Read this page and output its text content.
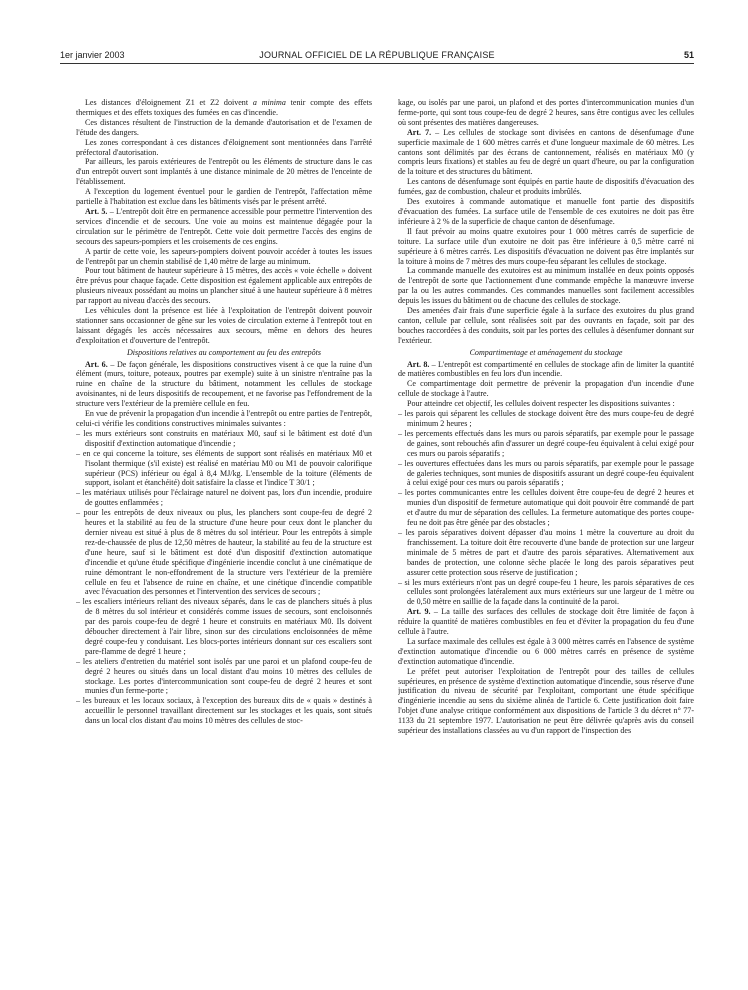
1er janvier 2003	JOURNAL OFFICIEL DE LA RÉPUBLIQUE FRANÇAISE	51

Les distances d'éloignement Z1 et Z2 doivent a minima tenir compte des effets thermiques et des effets toxiques des fumées en cas d'incendie.

Ces distances résultent de l'instruction de la demande d'autorisation et de l'examen de l'étude des dangers.

Les zones correspondant à ces distances d'éloignement sont mentionnées dans l'arrêté préfectoral d'autorisation.

Par ailleurs, les parois extérieures de l'entrepôt ou les éléments de structure dans le cas d'un entrepôt ouvert sont implantés à une distance minimale de 20 mètres de l'enceinte de l'établissement.

A l'exception du logement éventuel pour le gardien de l'entrepôt, l'affectation même partielle à l'habitation est exclue dans les bâtiments visés par le présent arrêté.

Art. 5. – L'entrepôt doit être en permanence accessible pour permettre l'intervention des services d'incendie et de secours. Une voie au moins est maintenue dégagée pour la circulation sur le périmètre de l'entrepôt. Cette voie doit permettre l'accès des engins de secours des sapeurs-pompiers et les croisements de ces engins.

A partir de cette voie, les sapeurs-pompiers doivent pouvoir accéder à toutes les issues de l'entrepôt par un chemin stabilisé de 1,40 mètre de large au minimum.

Pour tout bâtiment de hauteur supérieure à 15 mètres, des accès « voie échelle » doivent être prévus pour chaque façade. Cette disposition est également applicable aux entrepôts de plusieurs niveaux possédant au moins un plancher situé à une hauteur supérieure à 8 mètres par rapport au niveau d'accès des secours.

Les véhicules dont la présence est liée à l'exploitation de l'entrepôt doivent pouvoir stationner sans occasionner de gêne sur les voies de circulation externe à l'entrepôt tout en laissant dégagés les accès nécessaires aux secours, même en dehors des heures d'exploitation et d'ouverture de l'entrepôt.

Dispositions relatives au comportement au feu des entrepôts

Art. 6. – De façon générale, les dispositions constructives visent à ce que la ruine d'un élément (murs, toiture, poteaux, poutres par exemple) suite à un sinistre n'entraîne pas la ruine en chaîne de la structure du bâtiment, notamment les cellules de stockage avoisinantes, ni de leurs dispositifs de recoupement, et ne favorise pas l'effondrement de la structure vers l'extérieur de la première cellule en feu.

En vue de prévenir la propagation d'un incendie à l'entrepôt ou entre parties de l'entrepôt, celui-ci vérifie les conditions constructives minimales suivantes :

– les murs extérieurs sont construits en matériaux M0, sauf si le bâtiment est doté d'un dispositif d'extinction automatique d'incendie ;
– en ce qui concerne la toiture, ses éléments de support sont réalisés en matériaux M0 et l'isolant thermique (s'il existe) est réalisé en matériau M0 ou M1 de pouvoir calorifique supérieur (PCS) inférieur ou égal à 8,4 MJ/kg. L'ensemble de la toiture (éléments de support, isolant et étanchéité) doit satisfaire la classe et l'indice T 30/1 ;
– les matériaux utilisés pour l'éclairage naturel ne doivent pas, lors d'un incendie, produire de gouttes enflammées ;
– pour les entrepôts de deux niveaux ou plus, les planchers sont coupe-feu de degré 2 heures et la stabilité au feu de la structure d'une heure pour ceux dont le plancher du dernier niveau est situé à plus de 8 mètres du sol intérieur. Pour les entrepôts à simple rez-de-chaussée de plus de 12,50 mètres de hauteur, la stabilité au feu de la structure est d'une heure, sauf si le bâtiment est doté d'un dispositif d'extinction automatique d'incendie et qu'une étude spécifique d'ingénierie incendie conclut à une cinématique de ruine démontrant le non-effondrement de la structure vers l'extérieur de la première cellule en feu et l'absence de ruine en chaîne, et une cinétique d'incendie compatible avec l'évacuation des personnes et l'intervention des services de secours ;
– les escaliers intérieurs reliant des niveaux séparés, dans le cas de planchers situés à plus de 8 mètres du sol intérieur et considérés comme issues de secours, sont encloisonnés par des parois coupe-feu de degré 1 heure et construits en matériaux M0. Ils doivent déboucher directement à l'air libre, sinon sur des circulations encloisonnées de même degré coupe-feu y conduisant. Les blocs-portes intérieurs donnant sur ces escaliers sont pare-flamme de degré 1 heure ;
– les ateliers d'entretien du matériel sont isolés par une paroi et un plafond coupe-feu de degré 2 heures ou situés dans un local distant d'au moins 10 mètres des cellules de stockage. Les portes d'intercommunication sont coupe-feu de degré 2 heures et sont munies d'un ferme-porte ;
– les bureaux et les locaux sociaux, à l'exception des bureaux dits de « quais » destinés à accueillir le personnel travaillant directement sur les stockages et les quais, sont situés dans un local clos distant d'au moins 10 mètres des cellules de stoc-

kage, ou isolés par une paroi, un plafond et des portes d'intercommunication munies d'un ferme-porte, qui sont tous coupe-feu de degré 2 heures, sans être contigus avec les cellules où sont présentes des matières dangereuses.

Art. 7. – Les cellules de stockage sont divisées en cantons de désenfumage d'une superficie maximale de 1 600 mètres carrés et d'une longueur maximale de 60 mètres. Les cantons sont délimités par des écrans de cantonnement, réalisés en matériaux M0 (y compris leurs fixations) et stables au feu de degré un quart d'heure, ou par la configuration de la toiture et des structures du bâtiment.

Les cantons de désenfumage sont équipés en partie haute de dispositifs d'évacuation des fumées, gaz de combustion, chaleur et produits imbrûlés.

Des exutoires à commande automatique et manuelle font partie des dispositifs d'évacuation des fumées. La surface utile de l'ensemble de ces exutoires ne doit pas être inférieure à 2 % de la superficie de chaque canton de désenfumage.

Il faut prévoir au moins quatre exutoires pour 1 000 mètres carrés de superficie de toiture. La surface utile d'un exutoire ne doit pas être inférieure à 0,5 mètre carré ni supérieure à 6 mètres carrés. Les dispositifs d'évacuation ne doivent pas être implantés sur la toiture à moins de 7 mètres des murs coupe-feu séparant les cellules de stockage.

La commande manuelle des exutoires est au minimum installée en deux points opposés de l'entrepôt de sorte que l'actionnement d'une commande empêche la manœuvre inverse par la ou les autres commandes. Ces commandes manuelles sont facilement accessibles depuis les issues du bâtiment ou de chacune des cellules de stockage.

Des amenées d'air frais d'une superficie égale à la surface des exutoires du plus grand canton, cellule par cellule, sont réalisées soit par des ouvrants en façade, soit par des bouches raccordées à des conduits, soit par les portes des cellules à désenfumer donnant sur l'extérieur.

Compartimentage et aménagement du stockage

Art. 8. – L'entrepôt est compartimenté en cellules de stockage afin de limiter la quantité de matières combustibles en feu lors d'un incendie.

Ce compartimentage doit permettre de prévenir la propagation d'un incendie d'une cellule de stockage à l'autre.

Pour atteindre cet objectif, les cellules doivent respecter les dispositions suivantes :

– les parois qui séparent les cellules de stockage doivent être des murs coupe-feu de degré minimum 2 heures ;
– les percements effectués dans les murs ou parois séparatifs, par exemple pour le passage de gaines, sont rebouchés afin d'assurer un degré coupe-feu équivalent à celui exigé pour ces murs ou parois séparatifs ;
– les ouvertures effectuées dans les murs ou parois séparatifs, par exemple pour le passage de galeries techniques, sont munies de dispositifs assurant un degré coupe-feu équivalent à celui exigé pour ces murs ou parois séparatifs ;
– les portes communicantes entre les cellules doivent être coupe-feu de degré 2 heures et munies d'un dispositif de fermeture automatique qui doit pouvoir être commandé de part et d'autre du mur de séparation des cellules. La fermeture automatique des portes coupe-feu ne doit pas être gênée par des obstacles ;
– les parois séparatives doivent dépasser d'au moins 1 mètre la couverture au droit du franchissement. La toiture doit être recouverte d'une bande de protection sur une largeur minimale de 5 mètres de part et d'autre des parois séparatives. Alternativement aux bandes de protection, une colonne sèche placée le long des parois séparatives peut assurer cette protection sous réserve de justification ;
– si les murs extérieurs n'ont pas un degré coupe-feu 1 heure, les parois séparatives de ces cellules sont prolongées latéralement aux murs extérieurs sur une largeur de 1 mètre ou de 0,50 mètre en saillie de la façade dans la continuité de la paroi.

Art. 9. – La taille des surfaces des cellules de stockage doit être limitée de façon à réduire la quantité de matières combustibles en feu et d'éviter la propagation du feu d'une cellule à l'autre.

La surface maximale des cellules est égale à 3 000 mètres carrés en l'absence de système d'extinction automatique d'incendie ou 6 000 mètres carrés en présence de système d'extinction automatique d'incendie.

Le préfet peut autoriser l'exploitation de l'entrepôt pour des tailles de cellules supérieures, en présence de système d'extinction automatique d'incendie, sous réserve d'une justification du niveau de sécurité par l'exploitant, comportant une étude spécifique d'ingénierie incendie au sens du sixième alinéa de l'article 6. Cette justification doit faire l'objet d'une analyse critique conformément aux dispositions de l'article 3 du décret n° 77-1133 du 21 septembre 1977. L'autorisation ne peut être délivrée qu'après avis du conseil supérieur des installations classées au vu d'un rapport de l'inspection des
